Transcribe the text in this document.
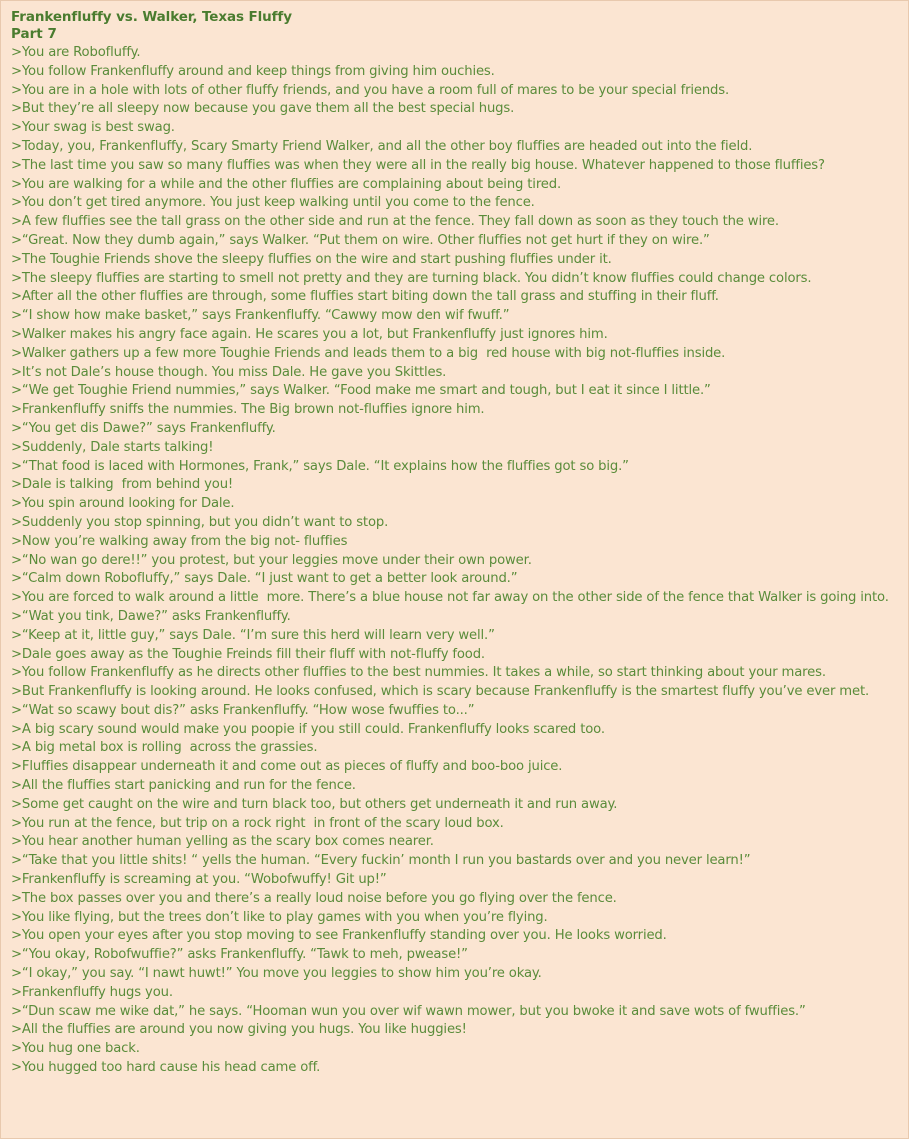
Frankenfluffy vs. Walker, Texas Fluffy
Part 7
>You are Robofluffy.
>You follow Frankenfluffy around and keep things from giving him ouchies.
>You are in a hole with lots of other fluffy friends, and you have a room full of mares to be your special friends.
>But they’re all sleepy now because you gave them all the best special hugs.
>Your swag is best swag.
>Today, you, Frankenfluffy, Scary Smarty Friend Walker, and all the other boy fluffies are headed out into the field.
>The last time you saw so many fluffies was when they were all in the really big house. Whatever happened to those fluffies?
>You are walking for a while and the other fluffies are complaining about being tired.
>You don’t get tired anymore. You just keep walking until you come to the fence.
>A few fluffies see the tall grass on the other side and run at the fence. They fall down as soon as they touch the wire.
>“Great. Now they dumb again,” says Walker. “Put them on wire. Other fluffies not get hurt if they on wire.”
>The Toughie Friends shove the sleepy fluffies on the wire and start pushing fluffies under it.
>The sleepy fluffies are starting to smell not pretty and they are turning black. You didn’t know fluffies could change colors.
>After all the other fluffies are through, some fluffies start biting down the tall grass and stuffing in their fluff.
>“I show how make basket,” says Frankenfluffy. “Cawwy mow den wif fwuff.”
>Walker makes his angry face again. He scares you a lot, but Frankenfluffy just ignores him.
>Walker gathers up a few more Toughie Friends and leads them to a big  red house with big not-fluffies inside.
>It’s not Dale’s house though. You miss Dale. He gave you Skittles.
>“We get Toughie Friend nummies,” says Walker. “Food make me smart and tough, but I eat it since I little.”
>Frankenfluffy sniffs the nummies. The Big brown not-fluffies ignore him.
>“You get dis Dawe?” says Frankenfluffy.
>Suddenly, Dale starts talking!
>“That food is laced with Hormones, Frank,” says Dale. “It explains how the fluffies got so big.”
>Dale is talking  from behind you!
>You spin around looking for Dale.
>Suddenly you stop spinning, but you didn’t want to stop.
>Now you’re walking away from the big not- fluffies
>“No wan go dere!!” you protest, but your leggies move under their own power.
>“Calm down Robofluffy,” says Dale. “I just want to get a better look around.”
>You are forced to walk around a little  more. There’s a blue house not far away on the other side of the fence that Walker is going into.
>“Wat you tink, Dawe?” asks Frankenfluffy.
>“Keep at it, little guy,” says Dale. “I’m sure this herd will learn very well.”
>Dale goes away as the Toughie Freinds fill their fluff with not-fluffy food.
>You follow Frankenfluffy as he directs other fluffies to the best nummies. It takes a while, so start thinking about your mares.
>But Frankenfluffy is looking around. He looks confused, which is scary because Frankenfluffy is the smartest fluffy you’ve ever met.
>“Wat so scawy bout dis?” asks Frankenfluffy. “How wose fwuffies to...”
>A big scary sound would make you poopie if you still could. Frankenfluffy looks scared too.
>A big metal box is rolling  across the grassies.
>Fluffies disappear underneath it and come out as pieces of fluffy and boo-boo juice.
>All the fluffies start panicking and run for the fence.
>Some get caught on the wire and turn black too, but others get underneath it and run away.
>You run at the fence, but trip on a rock right  in front of the scary loud box.
>You hear another human yelling as the scary box comes nearer.
>“Take that you little shits! “ yells the human. “Every fuckin’ month I run you bastards over and you never learn!”
>Frankenfluffy is screaming at you. “Wobofwuffy! Git up!”
>The box passes over you and there’s a really loud noise before you go flying over the fence.
>You like flying, but the trees don’t like to play games with you when you’re flying.
>You open your eyes after you stop moving to see Frankenfluffy standing over you. He looks worried.
>“You okay, Robofwuffie?” asks Frankenfluffy. “Tawk to meh, pwease!”
>“I okay,” you say. “I nawt huwt!” You move you leggies to show him you’re okay.
>Frankenfluffy hugs you.
>“Dun scaw me wike dat,” he says. “Hooman wun you over wif wawn mower, but you bwoke it and save wots of fwuffies.”
>All the fluffies are around you now giving you hugs. You like huggies!
>You hug one back.
>You hugged too hard cause his head came off.
